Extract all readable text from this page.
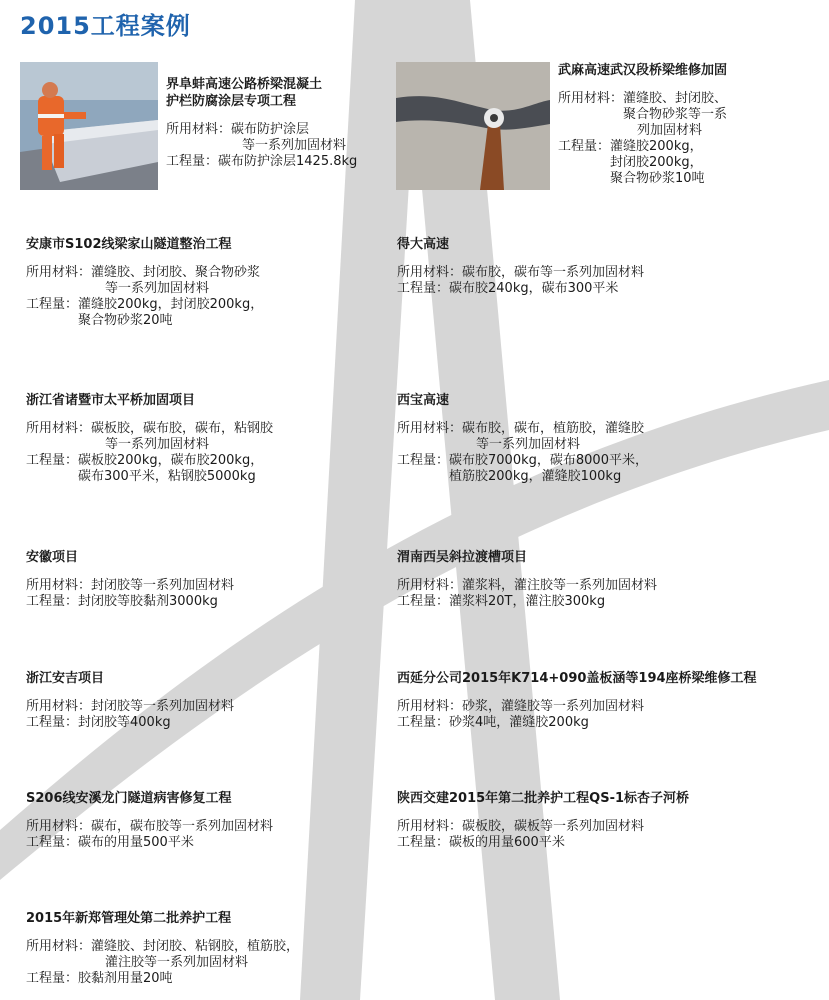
2015工程案例
界阜蚌高速公路桥梁混凝土
护栏防腐涂层专项工程
所用材料： 碳布防护涂层
等一系列加固材料
工程量： 碳布防护涂层1425.8kg
武麻高速武汉段桥梁维修加固
所用材料： 灌缝胶、封闭胶、
聚合物砂浆等一系
列加固材料
工程量： 灌缝胶200kg，
封闭胶200kg，
聚合物砂浆10吨
安康市S102线梁家山隧道整治工程
所用材料： 灌缝胶、封闭胶、聚合物砂浆
等一系列加固材料
工程量： 灌缝胶200kg，封闭胶200kg，
聚合物砂浆20吨
得大高速
所用材料： 碳布胶，碳布等一系列加固材料
工程量： 碳布胶240kg，碳布300平米
浙江省诸暨市太平桥加固项目
所用材料： 碳板胶，碳布胶，碳布，粘钢胶
等一系列加固材料
工程量： 碳板胶200kg，碳布胶200kg，
碳布300平米，粘钢胶5000kg
西宝高速
所用材料： 碳布胶，碳布，植筋胶，灌缝胶
等一系列加固材料
工程量： 碳布胶7000kg，碳布8000平米，
植筋胶200kg，灌缝胶100kg
安徽项目
所用材料： 封闭胶等一系列加固材料
工程量： 封闭胶等胶黏剂3000kg
渭南西吴斜拉渡槽项目
所用材料： 灌浆料，灌注胶等一系列加固材料
工程量： 灌浆料20T，灌注胶300kg
浙江安吉项目
所用材料： 封闭胶等一系列加固材料
工程量： 封闭胶等400kg
西延分公司2015年K714+090盖板涵等194座桥梁维修工程
所用材料： 砂浆，灌缝胶等一系列加固材料
工程量： 砂浆4吨，灌缝胶200kg
S206线安溪龙门隧道病害修复工程
所用材料： 碳布，碳布胶等一系列加固材料
工程量： 碳布的用量500平米
陕西交建2015年第二批养护工程QS-1标杏子河桥
所用材料： 碳板胶，碳板等一系列加固材料
工程量： 碳板的用量600平米
2015年新郑管理处第二批养护工程
所用材料： 灌缝胶、封闭胶、粘钢胶，植筋胶，
灌注胶等一系列加固材料
工程量： 胶黏剂用量20吨
